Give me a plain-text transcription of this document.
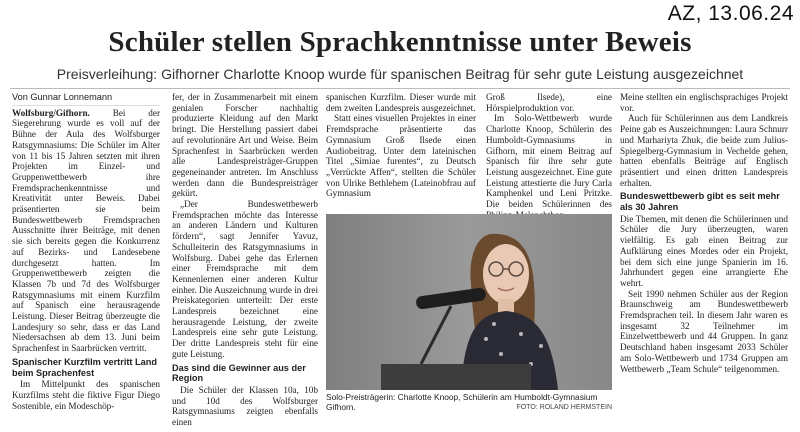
AZ, 13.06.24
Schüler stellen Sprachkenntnisse unter Beweis
Preisverleihung: Gifhorner Charlotte Knoop wurde für spanischen Beitrag für sehr gute Leistung ausgezeichnet
Von Gunnar Lonnemann

Wolfsburg/Gifhorn. Bei der Siegerehrung wurde es voll auf der Bühne der Aula des Wolfsburger Ratsgymnasiums: Die Schüler im Alter von 11 bis 15 Jahren setzten mit ihren Projekten im Einzel- und Gruppenwettbewerb ihre Fremdsprachenkenntnisse und Kreativität unter Beweis. Dabei präsentierten sie beim Bundeswettbewerb Fremdsprachen Ausschnitte ihrer Beiträge, mit denen sie sich bereits gegen die Konkurrenz auf Bezirks- und Landesebene durchgesetzt hatten. Im Gruppenwettbewerb zeigten die Klassen 7b und 7d des Wolfsburger Ratsgymnasiums mit einem Kurzfilm auf Spanisch eine herausragende Leistung. Dieser Beitrag überzeugte die Landesjury so sehr, dass er das Land Niedersachsen ab dem 13. Juni beim Sprachenfest in Saarbrücken vertritt.

Spanischer Kurzfilm vertritt Land beim Sprachenfest

Im Mittelpunkt des spanischen Kurzfilms steht die fiktive Figur Diego Sostenible, ein Modeschöp-

fer, der in Zusammenarbeit mit einem genialen Forscher nachhaltig produzierte Kleidung auf den Markt bringt. Die Herstellung passiert dabei auf revolutionäre Art und Weise. Beim Sprachenfest in Saarbrücken werden alle Landespreisträger-Gruppen gegeneinander antreten. Im Anschluss werden dann die Bundespreisträger gekürt.

„Der Bundeswettbewerb Fremdsprachen möchte das Interesse an anderen Ländern und Kulturen fördern“, sagt Jennifer Yavuz, Schulleiterin des Ratsgymnasiums in Wolfsburg. Dabei gehe das Erlernen einer Fremdsprache mit dem Kennenlernen einer anderen Kultur einher. Die Auszeichnung wurde in drei Preiskategorien unterteilt: Der erste Landespreis bezeichnet eine herausragende Leistung, der zweite Landespreis eine sehr gute Leistung. Der dritte Landespreis steht für eine gute Leistung.

Das sind die Gewinner aus der Region

Die Schüler der Klassen 10a, 10b und 10d des Wolfsburger Ratsgymnasiums zeigten ebenfalls einen

spanischen Kurzfilm. Dieser wurde mit dem zweiten Landespreis ausgezeichnet.

Statt eines visuellen Projektes in einer Fremdsprache präsentierte das Gymnasium Groß Ilsede einen Audiobeitrag. Unter dem lateinischen Titel „Simiae furentes“, zu Deutsch „Verrückte Affen“, stellten die Schüler von Ulrike Bethlehem (Lateinobfrau auf Gymnasium

Groß Ilsede), eine Hörspielproduktion vor.

Im Solo-Wettbewerb wurde Charlotte Knoop, Schülerin des Humboldt-Gymnasiums in Gifhorn, mit einem Beitrag auf Spanisch für ihre sehr gute Leistung ausgezeichnet. Eine gute Leistung attestierte die Jury Carla Kamphenkel und Leni Pritzke. Die beiden Schülerinnen des

Meine stellten ein englischsprachiges Projekt vor.

Auch für Schülerinnen aus dem Landkreis Peine gab es Auszeichnungen: Laura Schnurr und Marhariyta Zhuk, die beide zum Julius-Spiegelberg-Gymnasium in Vechelde gehen, hatten ebenfalls Beiträge auf Englisch präsentiert und einen dritten Landespreis erhalten.

Bundeswettbewerb gibt es seit mehr als 30 Jahren

Die Themen, mit denen die Schülerinnen und Schüler die Jury überzeugten, waren vielfältig. Es gab einen Beitrag zur Aufklärung eines Mordes oder ein Projekt, bei dem sich eine junge Spanierin im 16. Jahrhundert gegen eine arrangierte Ehe wehrt.

Seit 1990 nehmen Schüler aus der Region Braunschweig am Bundeswettbewerb Fremdsprachen teil. In diesem Jahr waren es insgesamt 32 Teilnehmer im Einzelwettbewerb und 44 Gruppen. In ganz Deutschland haben insgesamt 2033 Schüler am Solo-Wettbewerb und 1734 Gruppen am Wettbewerb „Team Schule“ teilgenommen.

Solo-Preisträgerin: Charlotte Knoop, Schülerin am Humboldt-Gymnasium Gifhorn.	FOTO: ROLAND HERMSTEIN
